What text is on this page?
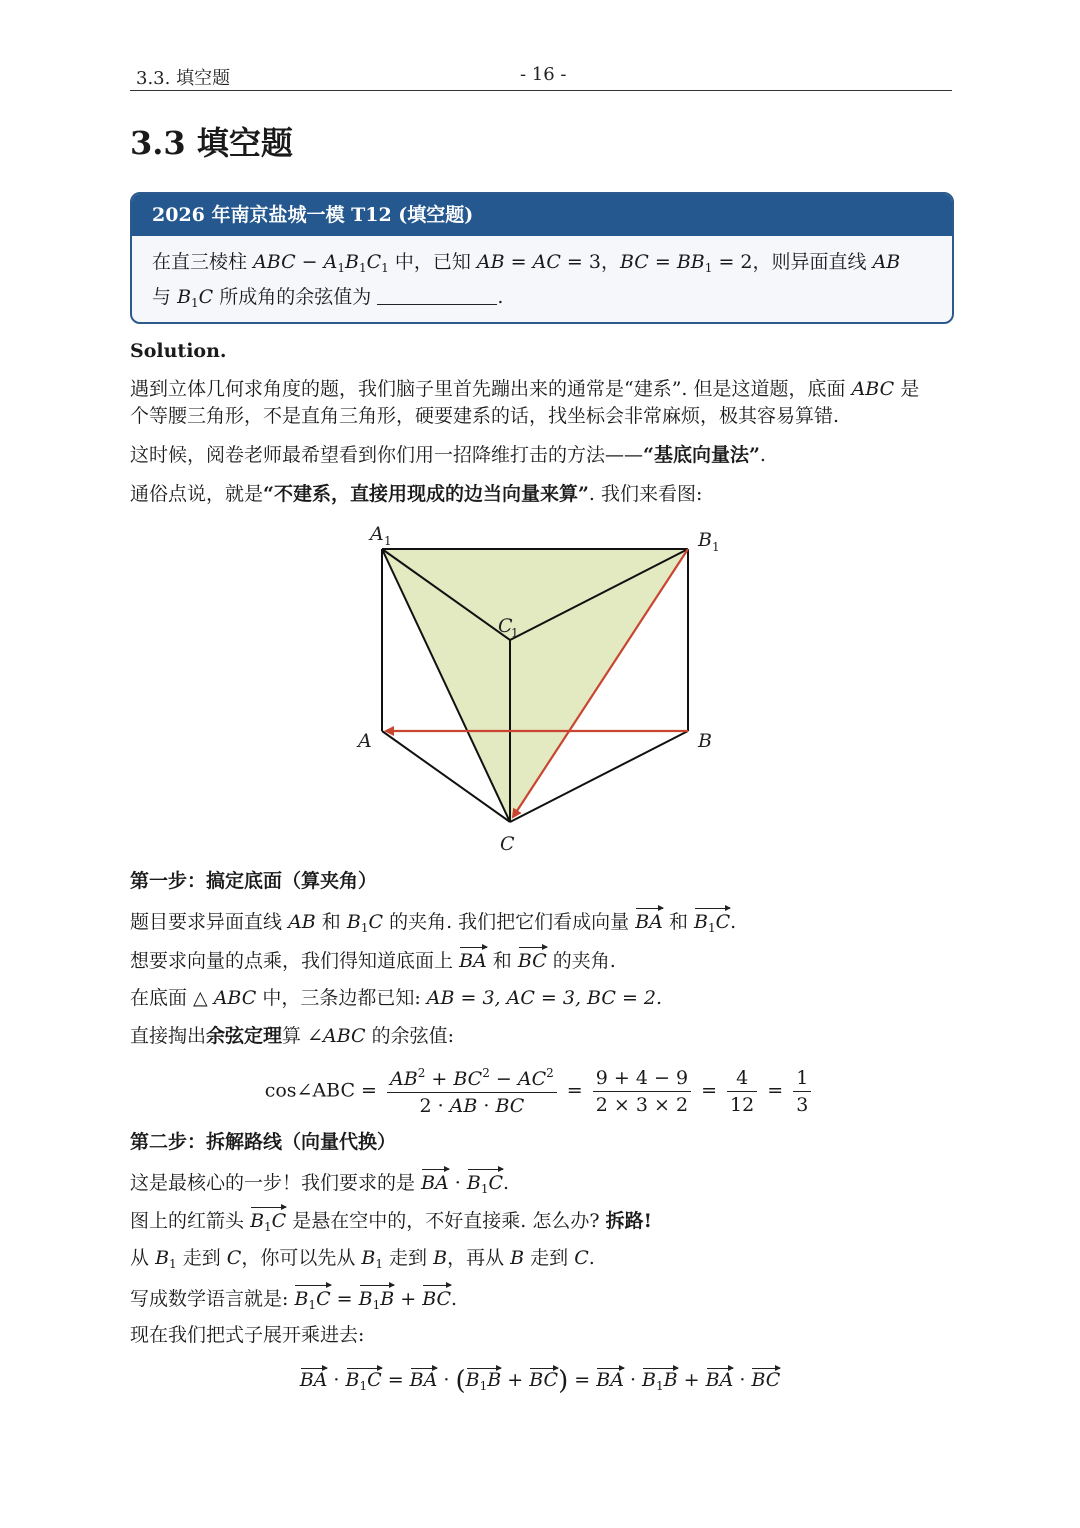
3.3. 填空题	- 16 -
3.3 填空题
2026 年南京盐城一模 T12 (填空题)
在直三棱柱 ABC − $A_1B_1C_1$ 中，已知 AB = AC = 3，BC = $BB_1 = 2$，则异面直线 AB
与 $B_1C$ 所成角的余弦值为	.
Solution.
遇到立体几何求角度的题，我们脑子里首先蹦出来的通常是“建系”. 但是这道题，底面 ABC 是
个等腰三角形，不是直角三角形，硬要建系的话，找坐标会非常麻烦，极其容易算错.
这时候，阅卷老师最希望看到你们用一招降维打击的方法——“基底向量法”.
通俗点说，就是“不建系，直接用现成的边当向量来算”. 我们来看图:
A 1	B 1
C
1
A	B
C
第一步：搞定底面（算夹角）
题目要求异面直线 AB 和 $B_1C$ 的夹角. 我们把它们看成向量 BA 和 $B_1C$.
想要求向量的点乘，我们得知道底面上 BA 和 BC 的夹角.
在底面 △ ABC 中，三条边都已知: AB = 3, AC = 3, BC = 2.
直接掏出余弦定理算 ∠ABC 的余弦值:
cos∠ABC = $\frac{AB^2 + BC^2 - AC^2}{2 \cdot AB \cdot BC} = \frac{9 + 4 - 9}{2 \times 3 \times 2} = \frac{4}{12} = \frac{1}{3}$
第二步：拆解路线（向量代换）
这是最核心的一步！我们要求的是 BA · $B_1C$.
图上的红箭头 $B_1C$ 是悬在空中的，不好直接乘. 怎么办? 拆路!
从 $B_1$ 走到 C，你可以先从 $B_1$ 走到 B，再从 B 走到 C.
写成数学语言就是: $B_1C = B_1B$ + BC.
现在我们把式子展开乘进去:
BA · $B_1C$ = BA · $(B_1B + BC)$ = BA · $B_1B$ + BA · BC
